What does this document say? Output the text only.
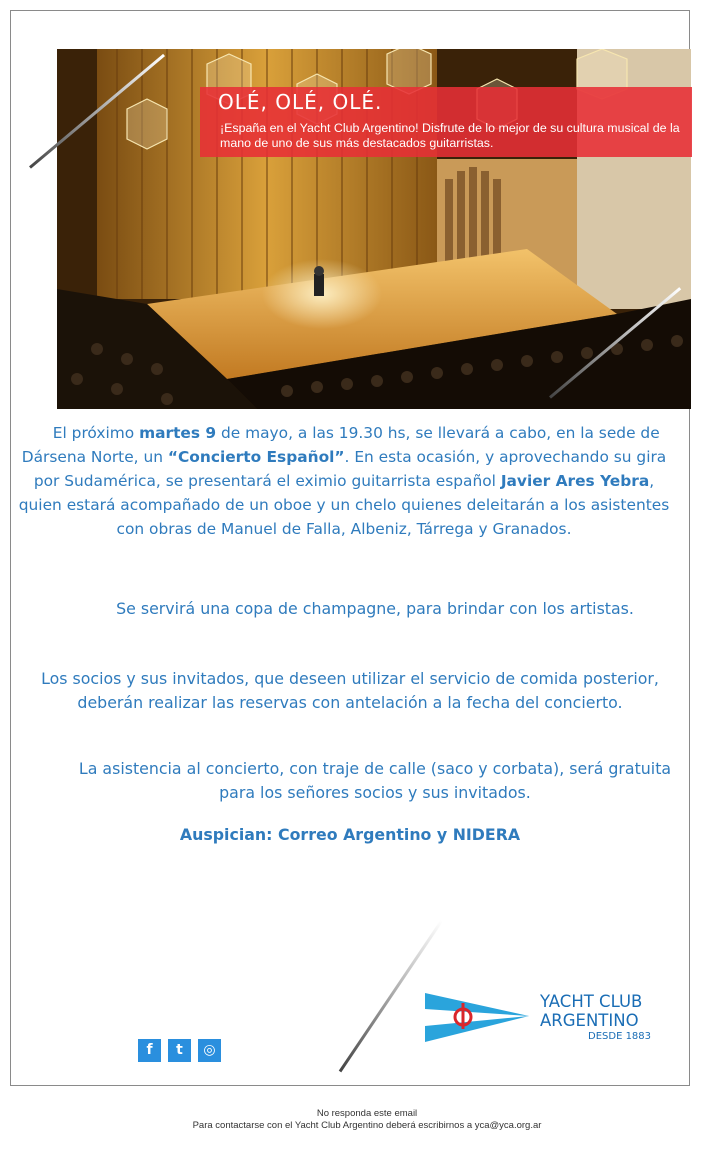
OLÉ, OLÉ, OLÉ.
¡España en el Yacht Club Argentino! Disfrute de lo mejor de su cultura musical de la mano de uno de sus más destacados guitarristas.

El próximo martes 9 de mayo, a las 19.30 hs, se llevará a cabo, en la sede de Dársena Norte, un “Concierto Español”. En esta ocasión, y aprovechando su gira por Sudamérica, se presentará el eximio guitarrista español Javier Ares Yebra, quien estará acompañado de un oboe y un chelo quienes deleitarán a los asistentes con obras de Manuel de Falla, Albeniz, Tárrega y Granados.

Se servirá una copa de champagne, para brindar con los artistas.

Los socios y sus invitados, que deseen utilizar el servicio de comida posterior, deberán realizar las reservas con antelación a la fecha del concierto.

La asistencia al concierto, con traje de calle (saco y corbata), será gratuita para los señores socios y sus invitados.

Auspician: Correo Argentino y NIDERA

f	t	◎
YACHT CLUB
ARGENTINO
DESDE 1883
No responda este email
Para contactarse con el Yacht Club Argentino deberá escribirnos a yca@yca.org.ar
